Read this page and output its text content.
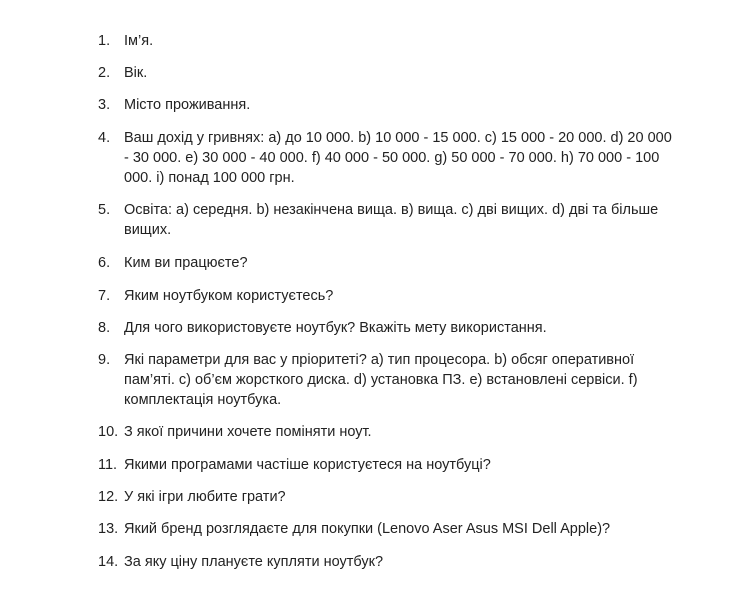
1. Ім’я.
2. Вік.
3. Місто проживання.
4. Ваш дохід у гривнях: a) до 10 000. b) 10 000 - 15 000. c) 15 000 - 20 000. d) 20 000 - 30 000. e) 30 000 - 40 000. f) 40 000 - 50 000. g) 50 000 - 70 000. h) 70 000 - 100 000. i) понад 100 000 грн.
5. Освіта: a) середня. b) незакінчена вища. в) вища. c) дві вищих. d) дві та більше вищих.
6. Ким ви працюєте?
7. Яким ноутбуком користуєтесь?
8. Для чого використовуєте ноутбук? Вкажіть мету використання.
9. Які параметри для вас у пріоритеті? a) тип процесора. b) обсяг оперативної пам’яті. c) об’єм жорсткого диска. d) установка ПЗ. e) встановлені сервіси. f) комплектація ноутбука.
10. З якої причини хочете поміняти ноут.
11. Якими програмами частіше користуєтеся на ноутбуці?
12. У які ігри любите грати?
13. Який бренд розглядаєте для покупки (Lenovo Aser Asus MSI Dell Apple)?
14. За яку ціну плануєте купляти ноутбук?
